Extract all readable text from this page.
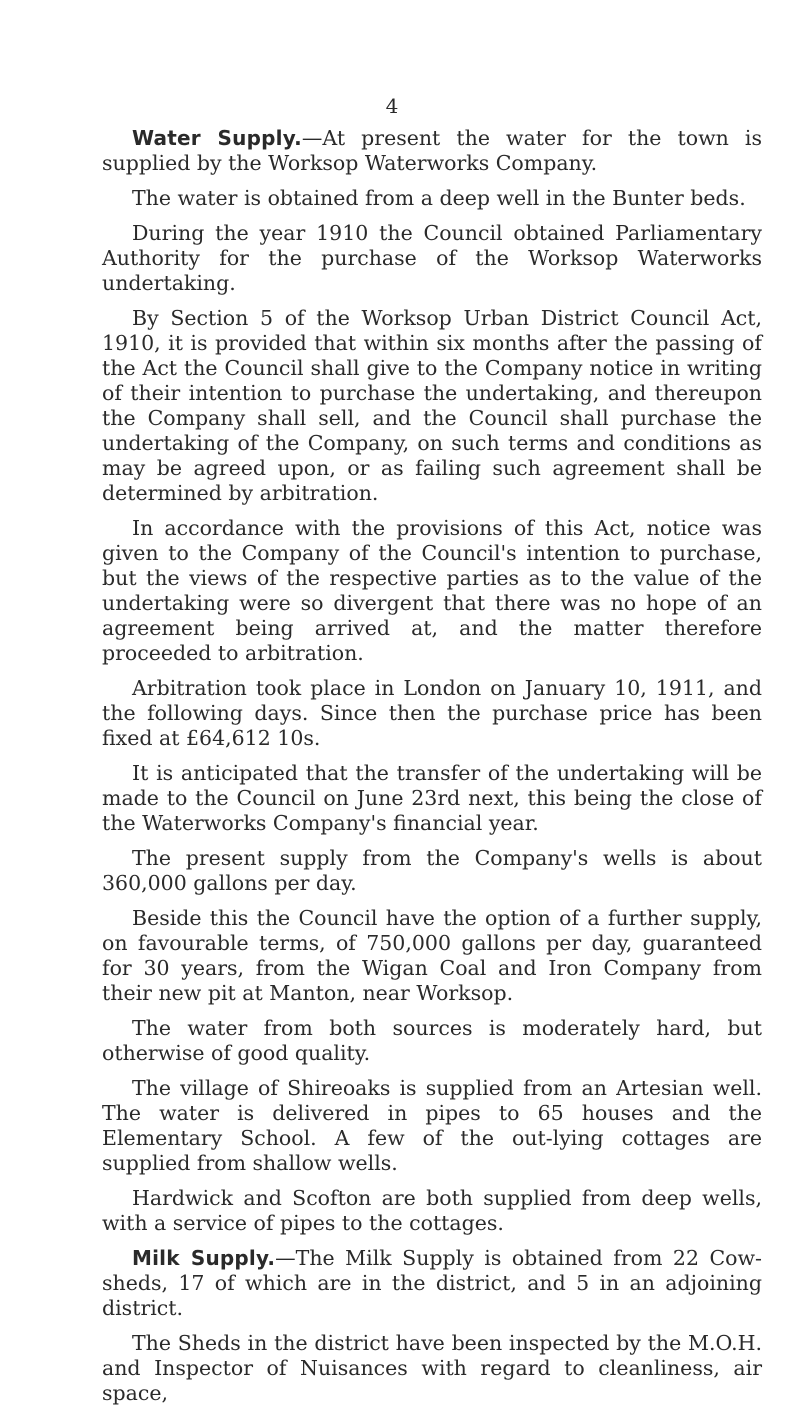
4

Water Supply.—At present the water for the town is supplied by the Worksop Waterworks Company.

The water is obtained from a deep well in the Bunter beds.

During the year 1910 the Council obtained Parliamentary Authority for the purchase of the Worksop Waterworks undertaking.

By Section 5 of the Worksop Urban District Council Act, 1910, it is provided that within six months after the passing of the Act the Council shall give to the Company notice in writing of their intention to purchase the undertaking, and thereupon the Company shall sell, and the Council shall purchase the undertaking of the Company, on such terms and conditions as may be agreed upon, or as failing such agreement shall be determined by arbitration.

In accordance with the provisions of this Act, notice was given to the Company of the Council's intention to purchase, but the views of the respective parties as to the value of the undertaking were so divergent that there was no hope of an agreement being arrived at, and the matter therefore proceeded to arbitration.

Arbitration took place in London on January 10, 1911, and the following days. Since then the purchase price has been fixed at £64,612 10s.

It is anticipated that the transfer of the undertaking will be made to the Council on June 23rd next, this being the close of the Waterworks Company's financial year.

The present supply from the Company's wells is about 360,000 gallons per day.

Beside this the Council have the option of a further supply, on favourable terms, of 750,000 gallons per day, guaranteed for 30 years, from the Wigan Coal and Iron Company from their new pit at Manton, near Worksop.

The water from both sources is moderately hard, but otherwise of good quality.

The village of Shireoaks is supplied from an Artesian well. The water is delivered in pipes to 65 houses and the Elementary School. A few of the out-lying cottages are supplied from shallow wells.

Hardwick and Scofton are both supplied from deep wells, with a service of pipes to the cottages.

Milk Supply.—The Milk Supply is obtained from 22 Cow-sheds, 17 of which are in the district, and 5 in an adjoining district.

The Sheds in the district have been inspected by the M.O.H. and Inspector of Nuisances with regard to cleanliness, air space,
